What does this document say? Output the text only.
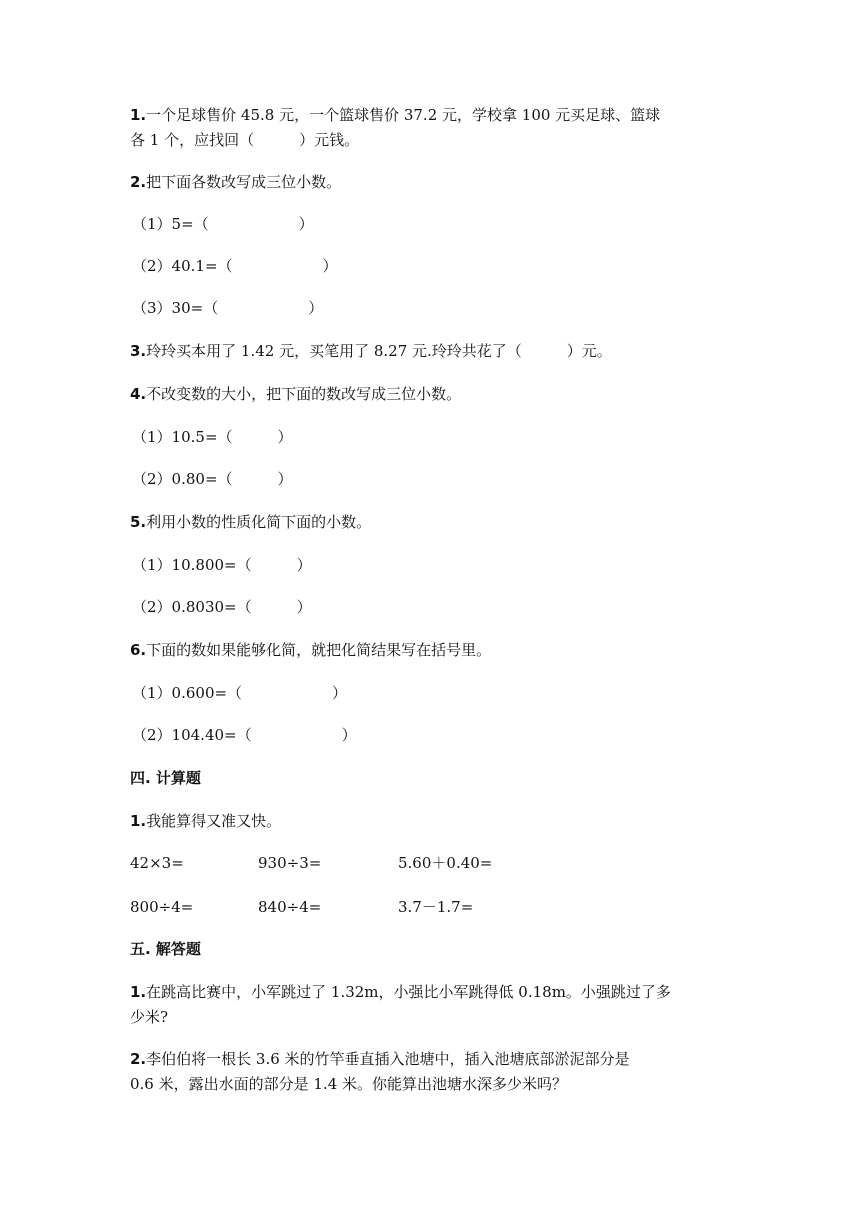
1.一个足球售价 45.8 元，一个篮球售价 37.2 元，学校拿 100 元买足球、篮球
各 1 个，应找回（　　　）元钱。
2.把下面各数改写成三位小数。
（1）5=（　　　　　　）
（2）40.1=（　　　　　　）
（3）30=（　　　　　　）
3.玲玲买本用了 1.42 元，买笔用了 8.27 元.玲玲共花了（　　　）元。
4.不改变数的大小，把下面的数改写成三位小数。
（1）10.5=（　　　）
（2）0.80=（　　　）
5.利用小数的性质化简下面的小数。
（1）10.800=（　　　）
（2）0.8030=（　　　）
6.下面的数如果能够化简，就把化简结果写在括号里。
（1）0.600=（　　　　　　）
（2）104.40=（　　　　　　）
四. 计算题
1.我能算得又准又快。
42×3=	930÷3=	5.60＋0.40=
800÷4=	840÷4=	3.7－1.7=
五. 解答题
1.在跳高比赛中，小军跳过了 1.32m，小强比小军跳得低 0.18m。小强跳过了多
少米?
2.李伯伯将一根长 3.6 米的竹竿垂直插入池塘中，插入池塘底部淤泥部分是
0.6 米，露出水面的部分是 1.4 米。你能算出池塘水深多少米吗？
